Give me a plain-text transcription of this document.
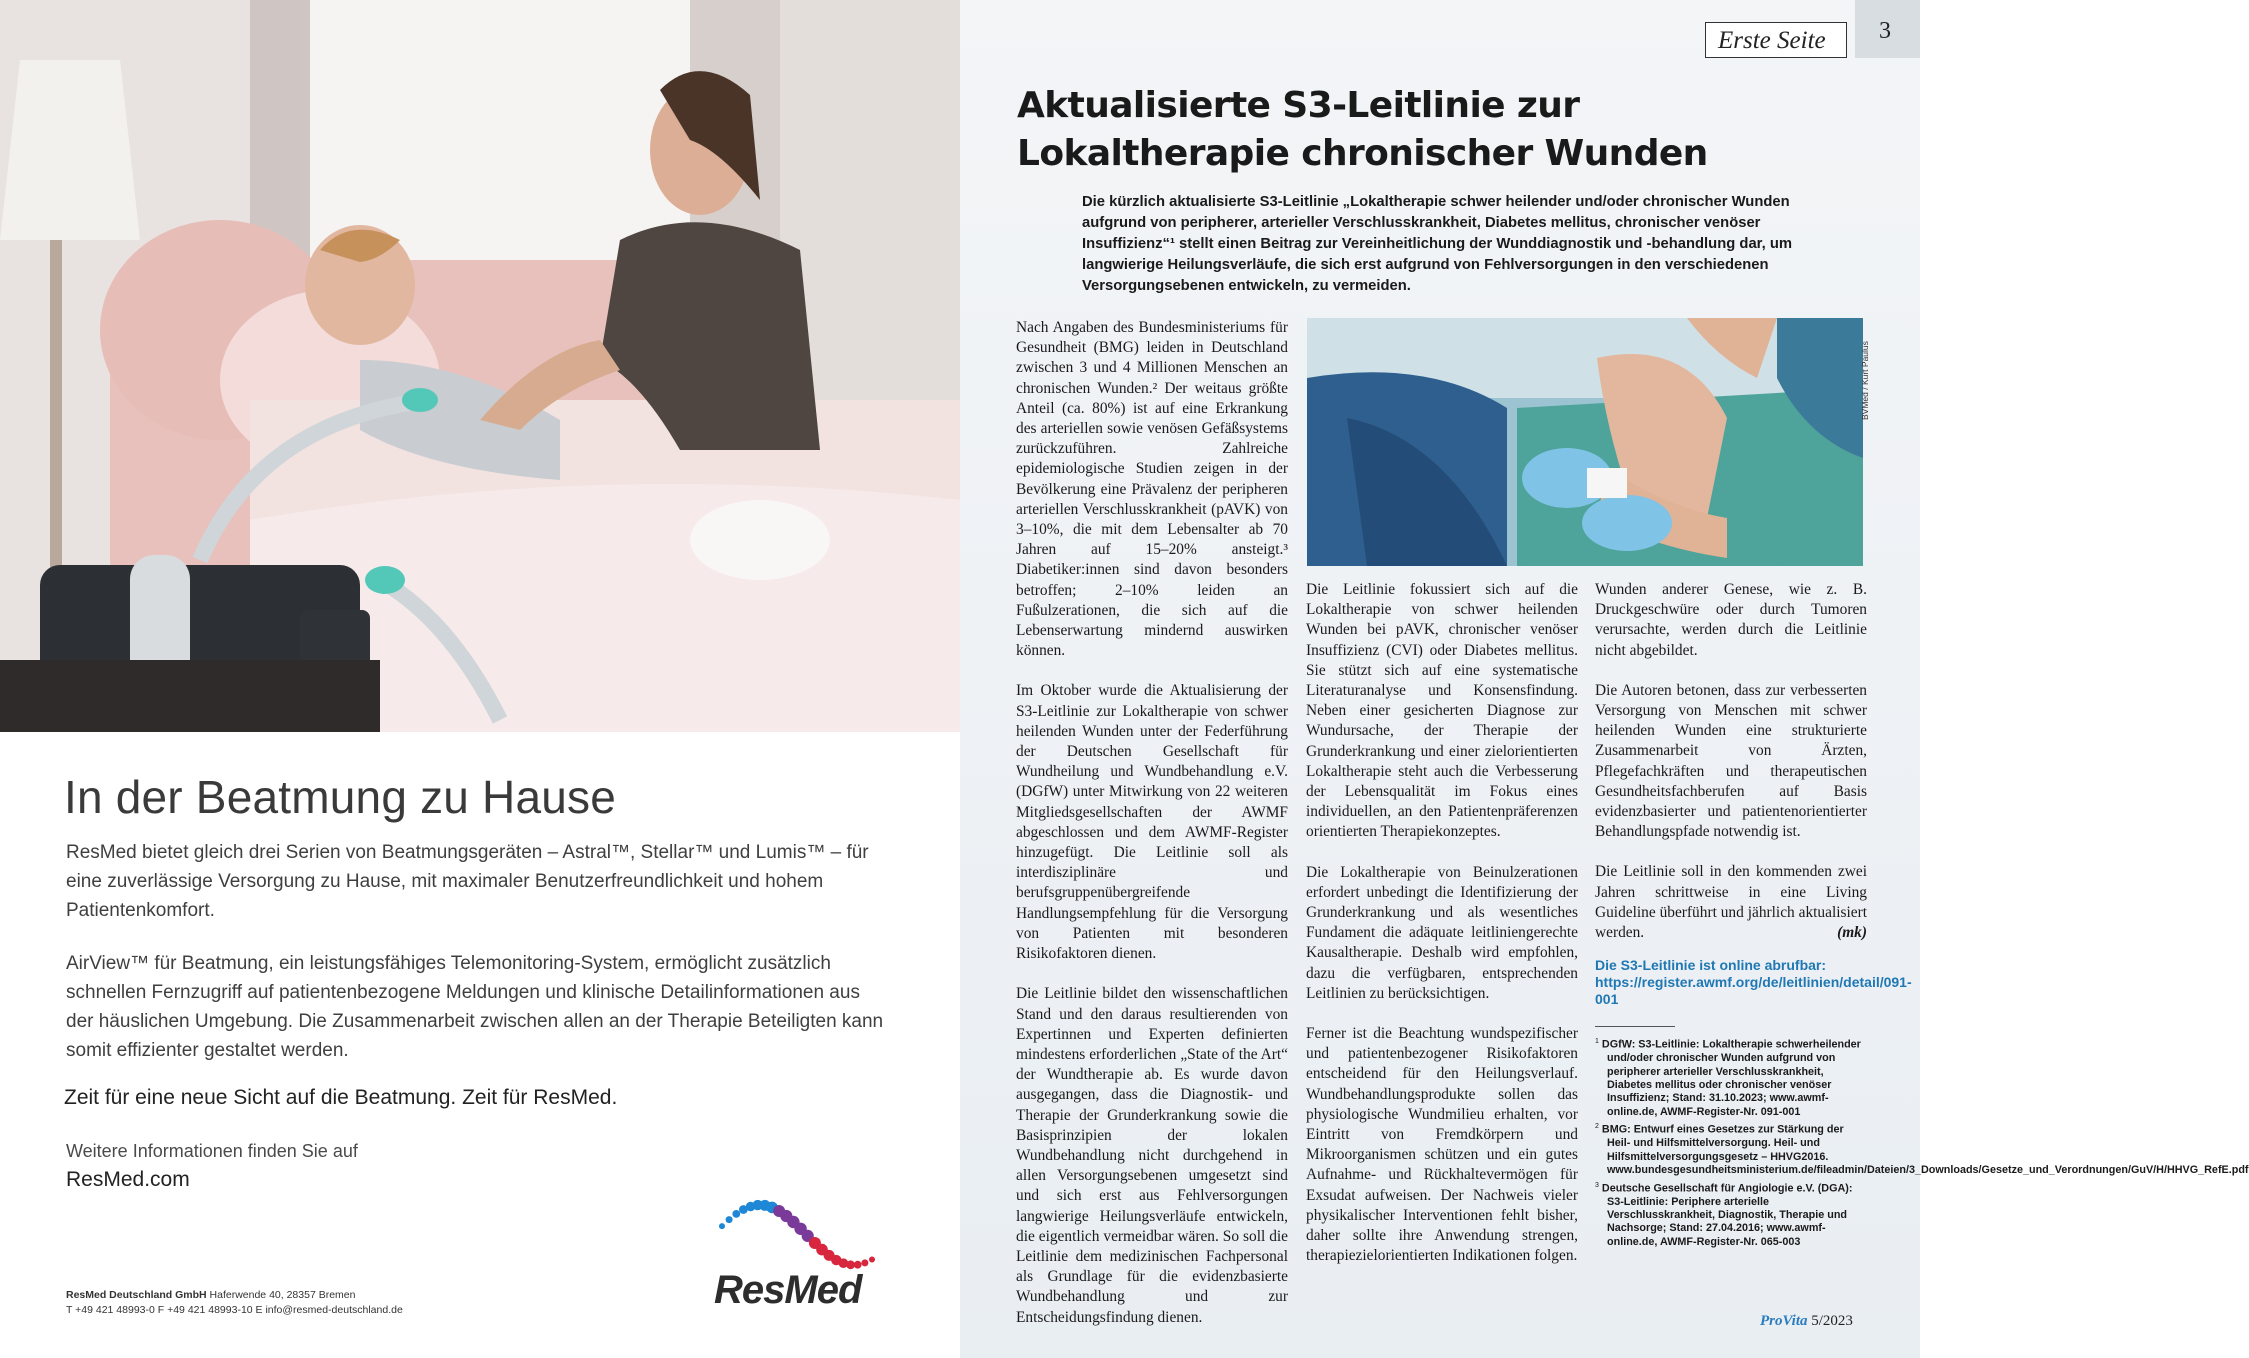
In der Beatmung zu Hause
ResMed bietet gleich drei Serien von Beatmungsgeräten – Astral™, Stellar™ und Lumis™ – für eine zuverlässige Versorgung zu Hause, mit maximaler Benutzerfreundlichkeit und hohem Patientenkomfort.
AirView™ für Beatmung, ein leistungsfähiges Telemonitoring-System, ermöglicht zusätzlich schnellen Fernzugriff auf patientenbezogene Meldungen und klinische Detailinformationen aus der häuslichen Umgebung. Die Zusammenarbeit zwischen allen an der Therapie Beteiligten kann somit effizienter gestaltet werden.
Zeit für eine neue Sicht auf die Beatmung. Zeit für ResMed.
Weitere Informationen finden Sie auf
ResMed.com
ResMed Deutschland GmbH Haferwende 40, 28357 Bremen
T +49 421 48993-0 F +49 421 48993-10 E info@resmed-deutschland.de	ResMed
Erste Seite 3
Aktualisierte S3-Leitlinie zur Lokaltherapie chronischer Wunden
Die kürzlich aktualisierte S3-Leitlinie „Lokaltherapie schwer heilender und/oder chronischer Wunden aufgrund von peripherer, arterieller Verschlusskrankheit, Diabetes mellitus, chronischer venöser Insuffizienz“¹ stellt einen Beitrag zur Vereinheitlichung der Wunddiagnostik und -behandlung dar, um langwierige Heilungsverläufe, die sich erst aufgrund von Fehlversorgungen in den verschiedenen Versorgungsebenen entwickeln, zu vermeiden.

Nach Angaben des Bundesministeriums für Gesundheit (BMG) leiden in Deutschland zwischen 3 und 4 Millionen Menschen an chronischen Wunden.² Der weitaus größte Anteil (ca. 80%) ist auf eine Erkrankung des arteriellen sowie venösen Gefäßsystems zurückzuführen. Zahlreiche epidemiologische Studien zeigen in der Bevölkerung eine Prävalenz der peripheren arteriellen Verschlusskrankheit (pAVK) von 3–10%, die mit dem Lebensalter ab 70 Jahren auf 15–20% ansteigt.³ Diabetiker:innen sind davon besonders betroffen; 2–10% leiden an Fußulzerationen, die sich auf die Lebenserwartung mindernd auswirken können.

Im Oktober wurde die Aktualisierung der S3-Leitlinie zur Lokaltherapie von schwer heilenden Wunden unter der Federführung der Deutschen Gesellschaft für Wundheilung und Wundbehandlung e.V. (DGfW) unter Mitwirkung von 22 weiteren Mitgliedsgesellschaften der AWMF abgeschlossen und dem AWMF-Register hinzugefügt. Die Leitlinie soll als interdisziplinäre und berufsgruppenübergreifende Handlungsempfehlung für die Versorgung von Patienten mit besonderen Risikofaktoren dienen.

Die Leitlinie bildet den wissenschaftlichen Stand und den daraus resultierenden von Expertinnen und Experten definierten mindestens erforderlichen „State of the Art“ der Wundtherapie ab. Es wurde davon ausgegangen, dass die Diagnostik- und Therapie der Grunderkrankung sowie die Basisprinzipien der lokalen Wundbehandlung nicht durchgehend in allen Versorgungsebenen umgesetzt sind und sich erst aus Fehlversorgungen langwierige Heilungsverläufe entwickeln, die eigentlich vermeidbar wären. So soll die Leitlinie dem medizinischen Fachpersonal als Grundlage für die evidenzbasierte Wundbehandlung und zur Entscheidungsfindung dienen.

BVMed / Kurt Paulus

Die Leitlinie fokussiert sich auf die Lokaltherapie von schwer heilenden Wunden bei pAVK, chronischer venöser Insuffizienz (CVI) oder Diabetes mellitus. Sie stützt sich auf eine systematische Literaturanalyse und Konsensfindung. Neben einer gesicherten Diagnose zur Wundursache, der Therapie der Grunderkrankung und einer zielorientierten Lokaltherapie steht auch die Verbesserung der Lebensqualität im Fokus eines individuellen, an den Patientenpräferenzen orientierten Therapiekonzeptes.

Die Lokaltherapie von Beinulzerationen erfordert unbedingt die Identifizierung der Grunderkrankung und als wesentliches Fundament die adäquate leitliniengerechte Kausaltherapie. Deshalb wird empfohlen, dazu die verfügbaren, entsprechenden Leitlinien zu berücksichtigen.

Ferner ist die Beachtung wundspezifischer und patientenbezogener Risikofaktoren entscheidend für den Heilungsverlauf. Wundbehandlungsprodukte sollen das physiologische Wundmilieu erhalten, vor Eintritt von Fremdkörpern und Mikroorganismen schützen und ein gutes Aufnahme- und Rückhaltevermögen für Exsudat aufweisen. Der Nachweis vieler physikalischer Interventionen fehlt bisher, daher sollte ihre Anwendung strengen, therapiezielorientierten Indikationen folgen.

Wunden anderer Genese, wie z. B. Druckgeschwüre oder durch Tumoren verursachte, werden durch die Leitlinie nicht abgebildet.

Die Autoren betonen, dass zur verbesserten Versorgung von Menschen mit schwer heilenden Wunden eine strukturierte Zusammenarbeit von Ärzten, Pflegefachkräften und therapeutischen Gesundheitsfachberufen auf Basis evidenzbasierter und patientenorientierter Behandlungspfade notwendig ist.

Die Leitlinie soll in den kommenden zwei Jahren schrittweise in eine Living Guideline überführt und jährlich aktualisiert werden.	(mk)

Die S3-Leitlinie ist online abrufbar: https://register.awmf.org/de/leitlinien/detail/091-001
$^1$ DGfW: S3-Leitlinie: Lokaltherapie schwerheilender und/oder chronischer Wunden aufgrund von peripherer arterieller Verschlusskrankheit, Diabetes mellitus oder chronischer venöser Insuffizienz; Stand: 31.10.2023; www.awmf-online.de, AWMF-Register-Nr. 091-001
$^2$ BMG: Entwurf eines Gesetzes zur Stärkung der Heil- und Hilfsmittelversorgung. Heil- und Hilfsmittelversorgungsgesetz – HHVG2016. www.bundesgesundheitsministerium.de/fileadmin/Dateien/3_Downloads/Gesetze_und_Verordnungen/GuV/H/HHVG_RefE.pdf
$^3$ Deutsche Gesellschaft für Angiologie e.V. (DGA): S3-Leitlinie: Periphere arterielle Verschlusskrankheit, Diagnostik, Therapie und Nachsorge; Stand: 27.04.2016; www.awmf-online.de, AWMF-Register-Nr. 065-003
ProVita 5/2023
